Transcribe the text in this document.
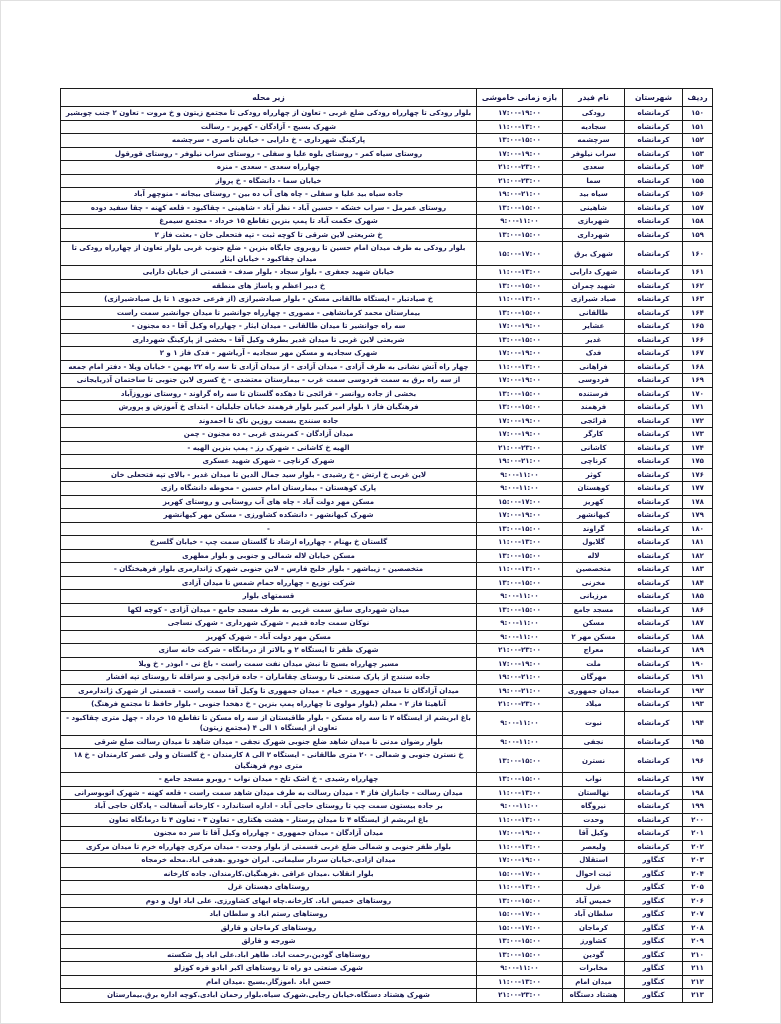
ردیف	شهرستان	نام فیدر	بازه زمانی خاموشی	زیر محله
۱۵۰	کرمانشاه	رودکی	۱۷:۰۰-۱۹:۰۰	بلوار رودکی تا چهارراه رودکی ضلع غربی - تعاون از چهارراه رودکی تا مجتمع زیتون و خ مروت - تعاون ۲ جنب چوبشیر
۱۵۱	کرمانشاه	سجادیه	۱۱:۰۰-۱۳:۰۰	شهرک بسیج - آزادگان - کهریز - رسالت
۱۵۲	کرمانشاه	سرچشمه	۱۳:۰۰-۱۵:۰۰	پارکینگ شهرداری - خ دارایی - خیابان ناصری - سرچشمه
۱۵۳	کرمانشاه	سراب نیلوفر	۱۷:۰۰-۱۹:۰۰	روستای سیاه کمر - روستای بلوه علیا و سفلی - روستای سراب نیلوفر - روستای قورقول
۱۵۴	کرمانشاه	سعدی	۲۱:۰۰-۲۳:۰۰	چهارراه سعدی - سعدی - منزه
۱۵۵	کرمانشاه	سما	۲۱:۰۰-۲۳:۰۰	خیابان سما - دانشگاه - خ پرواز
۱۵۶	کرمانشاه	سیاه بید	۱۹:۰۰-۲۱:۰۰	جاده سیاه بید علیا و سفلی - چاه های آب ده بین - روستای بیجانه - منوچهر آباد
۱۵۷	کرمانشاه	شاهینی	۱۳:۰۰-۱۵:۰۰	روستای عمرمل - سراب خشکه - حسین آباد - نظر آباد - شاهینی - چقاکبود - قلعه کهنه - چقا سفید دوده
۱۵۸	کرمانشاه	شهربازی	۹:۰۰-۱۱:۰۰	شهرک حکمت آباد تا پمپ بنزین تقاطع ۱۵ خرداد - مجتمع سیمرغ
۱۵۹	کرمانشاه	شهرداری	۱۳:۰۰-۱۵:۰۰	خ شریعتی لاین شرقی تا کوچه ثبت - تپه فتحعلی خان - بعثت فاز ۲
۱۶۰	کرمانشاه	شهرک برق	۱۵:۰۰-۱۷:۰۰	بلوار رودکی به طرف میدان امام حسین تا روبروی جایگاه بنزین - ضلع جنوب غربی بلوار تعاون از چهارراه رودکی تا میدان چقاکبود - خیابان ایثار
۱۶۱	کرمانشاه	شهرک دارایی	۱۱:۰۰-۱۳:۰۰	خیابان شهید جعفری - بلوار سجاد - بلوار صدف - قسمتی از خیابان دارایی
۱۶۲	کرمانشاه	شهید چمران	۱۳:۰۰-۱۵:۰۰	خ دبیر اعظم و پاساژ های منطقه
۱۶۳	کرمانشاه	صیاد شیرازی	۱۱:۰۰-۱۳:۰۰	خ صیادتبار - ایستگاه طالقانی مسکن - بلوار صیادشیرازی (از فرعی خدیوی ۱ تا پل صیادشیرازی)
۱۶۴	کرمانشاه	طالقانی	۱۳:۰۰-۱۵:۰۰	بیمارستان محمد کرمانشاهی - مصوری - چهارراه جوانشیر تا میدان جوانشیر سمت راست
۱۶۵	کرمانشاه	عشایر	۱۷:۰۰-۱۹:۰۰	سه راه جوانشیر تا میدان طالقانی - میدان ایثار - چهارراه وکیل آقا - ده مجنون -
۱۶۶	کرمانشاه	غدیر	۱۳:۰۰-۱۵:۰۰	شریعتی لاین غربی تا میدان غدیر بطرف وکیل آقا - بخشی از پارکینگ شهرداری
۱۶۷	کرمانشاه	فدک	۱۷:۰۰-۱۹:۰۰	شهرک سجادیه و مسکن مهر سجادیه - آریاشهر - فدک فاز ۱ و ۲
۱۶۸	کرمانشاه	فراهانی	۱۱:۰۰-۱۳:۰۰	چهار راه آتش نشانی به طرف آزادی - میدان آزادی - از میدان آزادی تا سه راه ۲۲ بهمن - خیابان ویلا - دفتر امام جمعه
۱۶۹	کرمانشاه	فردوسی	۱۷:۰۰-۱۹:۰۰	از سه راه برق به سمت فردوسی سمت غرب - بیمارستان معتضدی - خ کسری لاین جنوبی تا ساختمان آذربایجانی
۱۷۰	کرمانشاه	فرستنده	۱۳:۰۰-۱۵:۰۰	بخشی از جاده روانسر - قرائجی تا دهکده گلستان تا سه راه گراوند - روستای نوروزآباد
۱۷۱	کرمانشاه	فرهمند	۱۳:۰۰-۱۵:۰۰	فرهنگیان فاز ۱ بلوار امیر کبیر بلوار فرهمند خیابان جلیلیان - ابتدای خ آموزش و پرورش
۱۷۲	کرمانشاه	قرائجی	۱۷:۰۰-۱۹:۰۰	جاده سنندج بسمت روزین ناک تا احمدوند
۱۷۳	کرمانشاه	کارگر	۱۷:۰۰-۱۹:۰۰	میدان آزادگان - کمربندی غربی - ده مجنون - چمن
۱۷۴	کرمانشاه	کاشانی	۲۱:۰۰-۲۳:۰۰	الهیه خ کاشانی - شهرک رز - پمپ بنزین الهیه -
۱۷۵	کرمانشاه	کرناچی	۱۹:۰۰-۲۱:۰۰	شهرک کرناچی - شهرک شهید عسکری
۱۷۶	کرمانشاه	کوثر	۹:۰۰-۱۱:۰۰	لاین غربی خ ارتش - خ رشیدی - بلوار سید جمال الدین تا میدان غدیر - بالای تپه فتحعلی خان
۱۷۷	کرمانشاه	کوهستان	۹:۰۰-۱۱:۰۰	پارک کوهستان - بیمارستان امام حسین - محوطه دانشگاه رازی
۱۷۸	کرمانشاه	کهریز	۱۵:۰۰-۱۷:۰۰	مسکن مهر دولت آباد - چاه های آب روستایی و روستای کهریز
۱۷۹	کرمانشاه	کیهانشهر	۱۷:۰۰-۱۹:۰۰	شهرک کیهانشهر - دانشکده کشاورزی - مسکن مهر کیهانشهر
۱۸۰	کرمانشاه	گراوند	۱۳:۰۰-۱۵:۰۰	-
۱۸۱	کرمانشاه	گلایول	۱۱:۰۰-۱۳:۰۰	گلستان خ بهنام - چهارراه ارشاد تا گلستان سمت چپ - خیابان گلسرخ
۱۸۲	کرمانشاه	لاله	۱۳:۰۰-۱۵:۰۰	مسکن خیابان لاله شمالی و جنوبی و بلوار مطهری
۱۸۳	کرمانشاه	متخصصین	۱۱:۰۰-۱۳:۰۰	متخصصین - زیباشهر - بلوار خلیج فارس - لاین جنوبی شهرک ژاندارمری بلوار فرهیختگان -
۱۸۴	کرمانشاه	مخزنی	۱۳:۰۰-۱۵:۰۰	شرکت توزیع - چهارراه حمام شمس تا میدان آزادی
۱۸۵	کرمانشاه	مرزبانی	۹:۰۰-۱۱:۰۰	قسمتهای بلوار
۱۸۶	کرمانشاه	مسجد جامع	۱۳:۰۰-۱۵:۰۰	میدان شهرداری سابق سمت غربی به طرف مسجد جامع - میدان آزادی - کوچه لکها
۱۸۷	کرمانشاه	مسکن	۹:۰۰-۱۱:۰۰	نوکان سمت جاده قدیم - شهرک شهرداری - شهرک نساجی
۱۸۸	کرمانشاه	مسکن مهر ۲	۹:۰۰-۱۱:۰۰	مسکن مهر دولت آباد - شهرک کهریز
۱۸۹	کرمانشاه	معراج	۲۱:۰۰-۲۳:۰۰	شهرک ظفر تا ایستگاه ۲ و بالاتر از درمانگاه - شرکت خانه سازی
۱۹۰	کرمانشاه	ملت	۱۷:۰۰-۱۹:۰۰	مسیر چهارراه بسیج تا نبش میدان نفت سمت راست - باغ نی - ابوذر - خ ویلا
۱۹۱	کرمانشاه	مهرگان	۱۹:۰۰-۲۱:۰۰	جاده سنندج از پارک صنعتی تا روستای چقاماران - جاده قزانچی و سراقله تا روستای تپه افشار
۱۹۲	کرمانشاه	میدان جمهوری	۱۹:۰۰-۲۱:۰۰	میدان آزادگان تا میدان جمهوری - خیام - میدان جمهوری تا وکیل آقا سمت راست - قسمتی از شهرک ژاندارمری
۱۹۳	کرمانشاه	میلاد	۲۱:۰۰-۲۳:۰۰	آناهیتا فاز ۲ - معلم (بلوار مولوی تا چهارراه پمپ بنزین - خ دهخدا جنوبی - بلوار حافظ تا مجتمع فرهنگ)
۱۹۴	کرمانشاه	نبوت	۹:۰۰-۱۱:۰۰	باغ ابریشم از ایستگاه ۲ تا سه راه مسکن - بلوار طاقبستان از سه راه مسکن تا تقاطع ۱۵ خرداد - چهل متری چقاکبود - تعاون از ایستگاه ۱ الی ۴ (مجتمع زیتون)
۱۹۵	کرمانشاه	نجفی	۹:۰۰-۱۱:۰۰	بلوار رضوان مدنی تا میدان شاهد ضلع جنوبی شهرک نجفی - میدان شاهد تا میدان رسالت ضلع شرقی
۱۹۶	کرمانشاه	نسترن	۱۳:۰۰-۱۵:۰۰	خ نسترن جنوبی و شمالی - ۲۰ متری طالقانی - ایستگاه ۲ الی ۸ کارمندان - خ گلستان و ولی عصر کارمندان - خ ۱۸ متری دوم فرهنگیان
۱۹۷	کرمانشاه	نواب	۱۳:۰۰-۱۵:۰۰	چهارراه رشیدی - خ اشک تلخ - میدان نواب - روبرو مسجد جامع -
۱۹۸	کرمانشاه	نهالستان	۱۱:۰۰-۱۳:۰۰	میدان رسالت - جانبازان فاز ۴ - میدان رسالت به طرف میدان شاهد سمت راست - قلعه کهنه - شهرک اتوبوسرانی
۱۹۹	کرمانشاه	نیروگاه	۹:۰۰-۱۱:۰۰	بر جاده بیستون سمت چپ تا روستای حاجی آباد - اداره استاندارد - کارخانه آسفالت - پادگان حاجی آباد
۲۰۰	کرمانشاه	وحدت	۱۱:۰۰-۱۳:۰۰	باغ ابریشم از ایستگاه ۴ تا میدان پرستار - هشت هکتاری - تعاون ۳ - تعاون ۴ تا درمانگاه تعاون
۲۰۱	کرمانشاه	وکیل آقا	۱۷:۰۰-۱۹:۰۰	میدان آزادگان - میدان جمهوری - چهارراه وکیل آقا تا سر ده مجنون
۲۰۲	کرمانشاه	ولیعصر	۱۱:۰۰-۱۳:۰۰	بلوار ظفر جنوبی و شمالی ضلع غربی قسمتی از بلوار وحدت - میدان مرکزی چهارراه خرم تا میدان مرکزی
۲۰۳	کنگاور	استقلال	۱۷:۰۰-۱۹:۰۰	میدان ازادی.خیابان سردار سلیمانی. ایران خودرو .هدفی اباد.محله خرمجاه
۲۰۴	کنگاور	ثبت احوال	۱۵:۰۰-۱۷:۰۰	بلوار انقلاب .میدان عراقی .فرهنگیان.کارمندان. جاده کارخانه
۲۰۵	کنگاور	غزل	۱۱:۰۰-۱۳:۰۰	روستاهای دهستان غزل
۲۰۶	کنگاور	خمیس آباد	۱۳:۰۰-۱۵:۰۰	روستاهای خمیس اباد. کارخانه.چاه ابهای کشاورزی. علی اباد اول و دوم
۲۰۷	کنگاور	سلطان آباد	۱۵:۰۰-۱۷:۰۰	روستاهای رستم اباد و سلطان اباد
۲۰۸	کنگاور	کرماجان	۱۵:۰۰-۱۷:۰۰	روستاهای کرماجان و قارلق
۲۰۹	کنگاور	کشاورز	۱۳:۰۰-۱۵:۰۰	شورجه و قارلق
۲۱۰	کنگاور	گودین	۱۳:۰۰-۱۵:۰۰	روستاهای گودین.رحمت اباد. طاهر اباد.علی اباد پل شکسته
۲۱۱	کنگاور	مخابرات	۹:۰۰-۱۱:۰۰	شهرک صنعتی دو راه تا روستاهای اکبر ابادو قره کوزلو
۲۱۲	کنگاور	میدان امام	۱۱:۰۰-۱۳:۰۰	حسن اباد .اموزگار.بسیج .میدان امام
۲۱۳	کنگاور	هشتاد دستگاه	۲۱:۰۰-۲۳:۰۰	شهرک هشتاد دستگاه.خیابان رجایی.شهرک سیاه.بلوار رحمان ابادی.کوچه اداره برق.بیمارستان
